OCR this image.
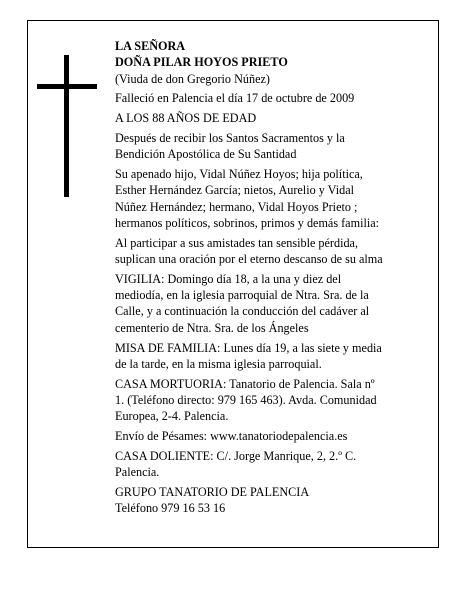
LA SEÑORA
DOÑA PILAR HOYOS PRIETO
(Viuda de don Gregorio Núñez)
Falleció en Palencia el día 17 de octubre de 2009
A LOS 88 AÑOS DE EDAD
Después de recibir los Santos Sacramentos y la
Bendición Apostólica de Su Santidad
Su apenado hijo, Vidal Núñez Hoyos; hija política,
Esther Hernández García; nietos, Aurelio y Vidal
Núñez Hernández; hermano, Vidal Hoyos Prieto ;
hermanos políticos, sobrinos, primos y demás familia:
Al participar a sus amistades tan sensible pérdida,
suplican una oración por el eterno descanso de su alma
VIGILIA: Domingo día 18, a la una y diez del
mediodía, en la iglesia parroquial de Ntra. Sra. de la
Calle, y a continuación la conducción del cadáver al
cementerio de Ntra. Sra. de los Ángeles
MISA DE FAMILIA: Lunes día 19, a las siete y media
de la tarde, en la misma iglesia parroquial.
CASA MORTUORIA: Tanatorio de Palencia. Sala nº
1. (Teléfono directo: 979 165 463). Avda. Comunidad
Europea, 2-4. Palencia.
Envío de Pésames: www.tanatoriodepalencia.es
CASA DOLIENTE: C/. Jorge Manrique, 2, 2.º C.
Palencia.
GRUPO TANATORIO DE PALENCIA
Teléfono 979 16 53 16
